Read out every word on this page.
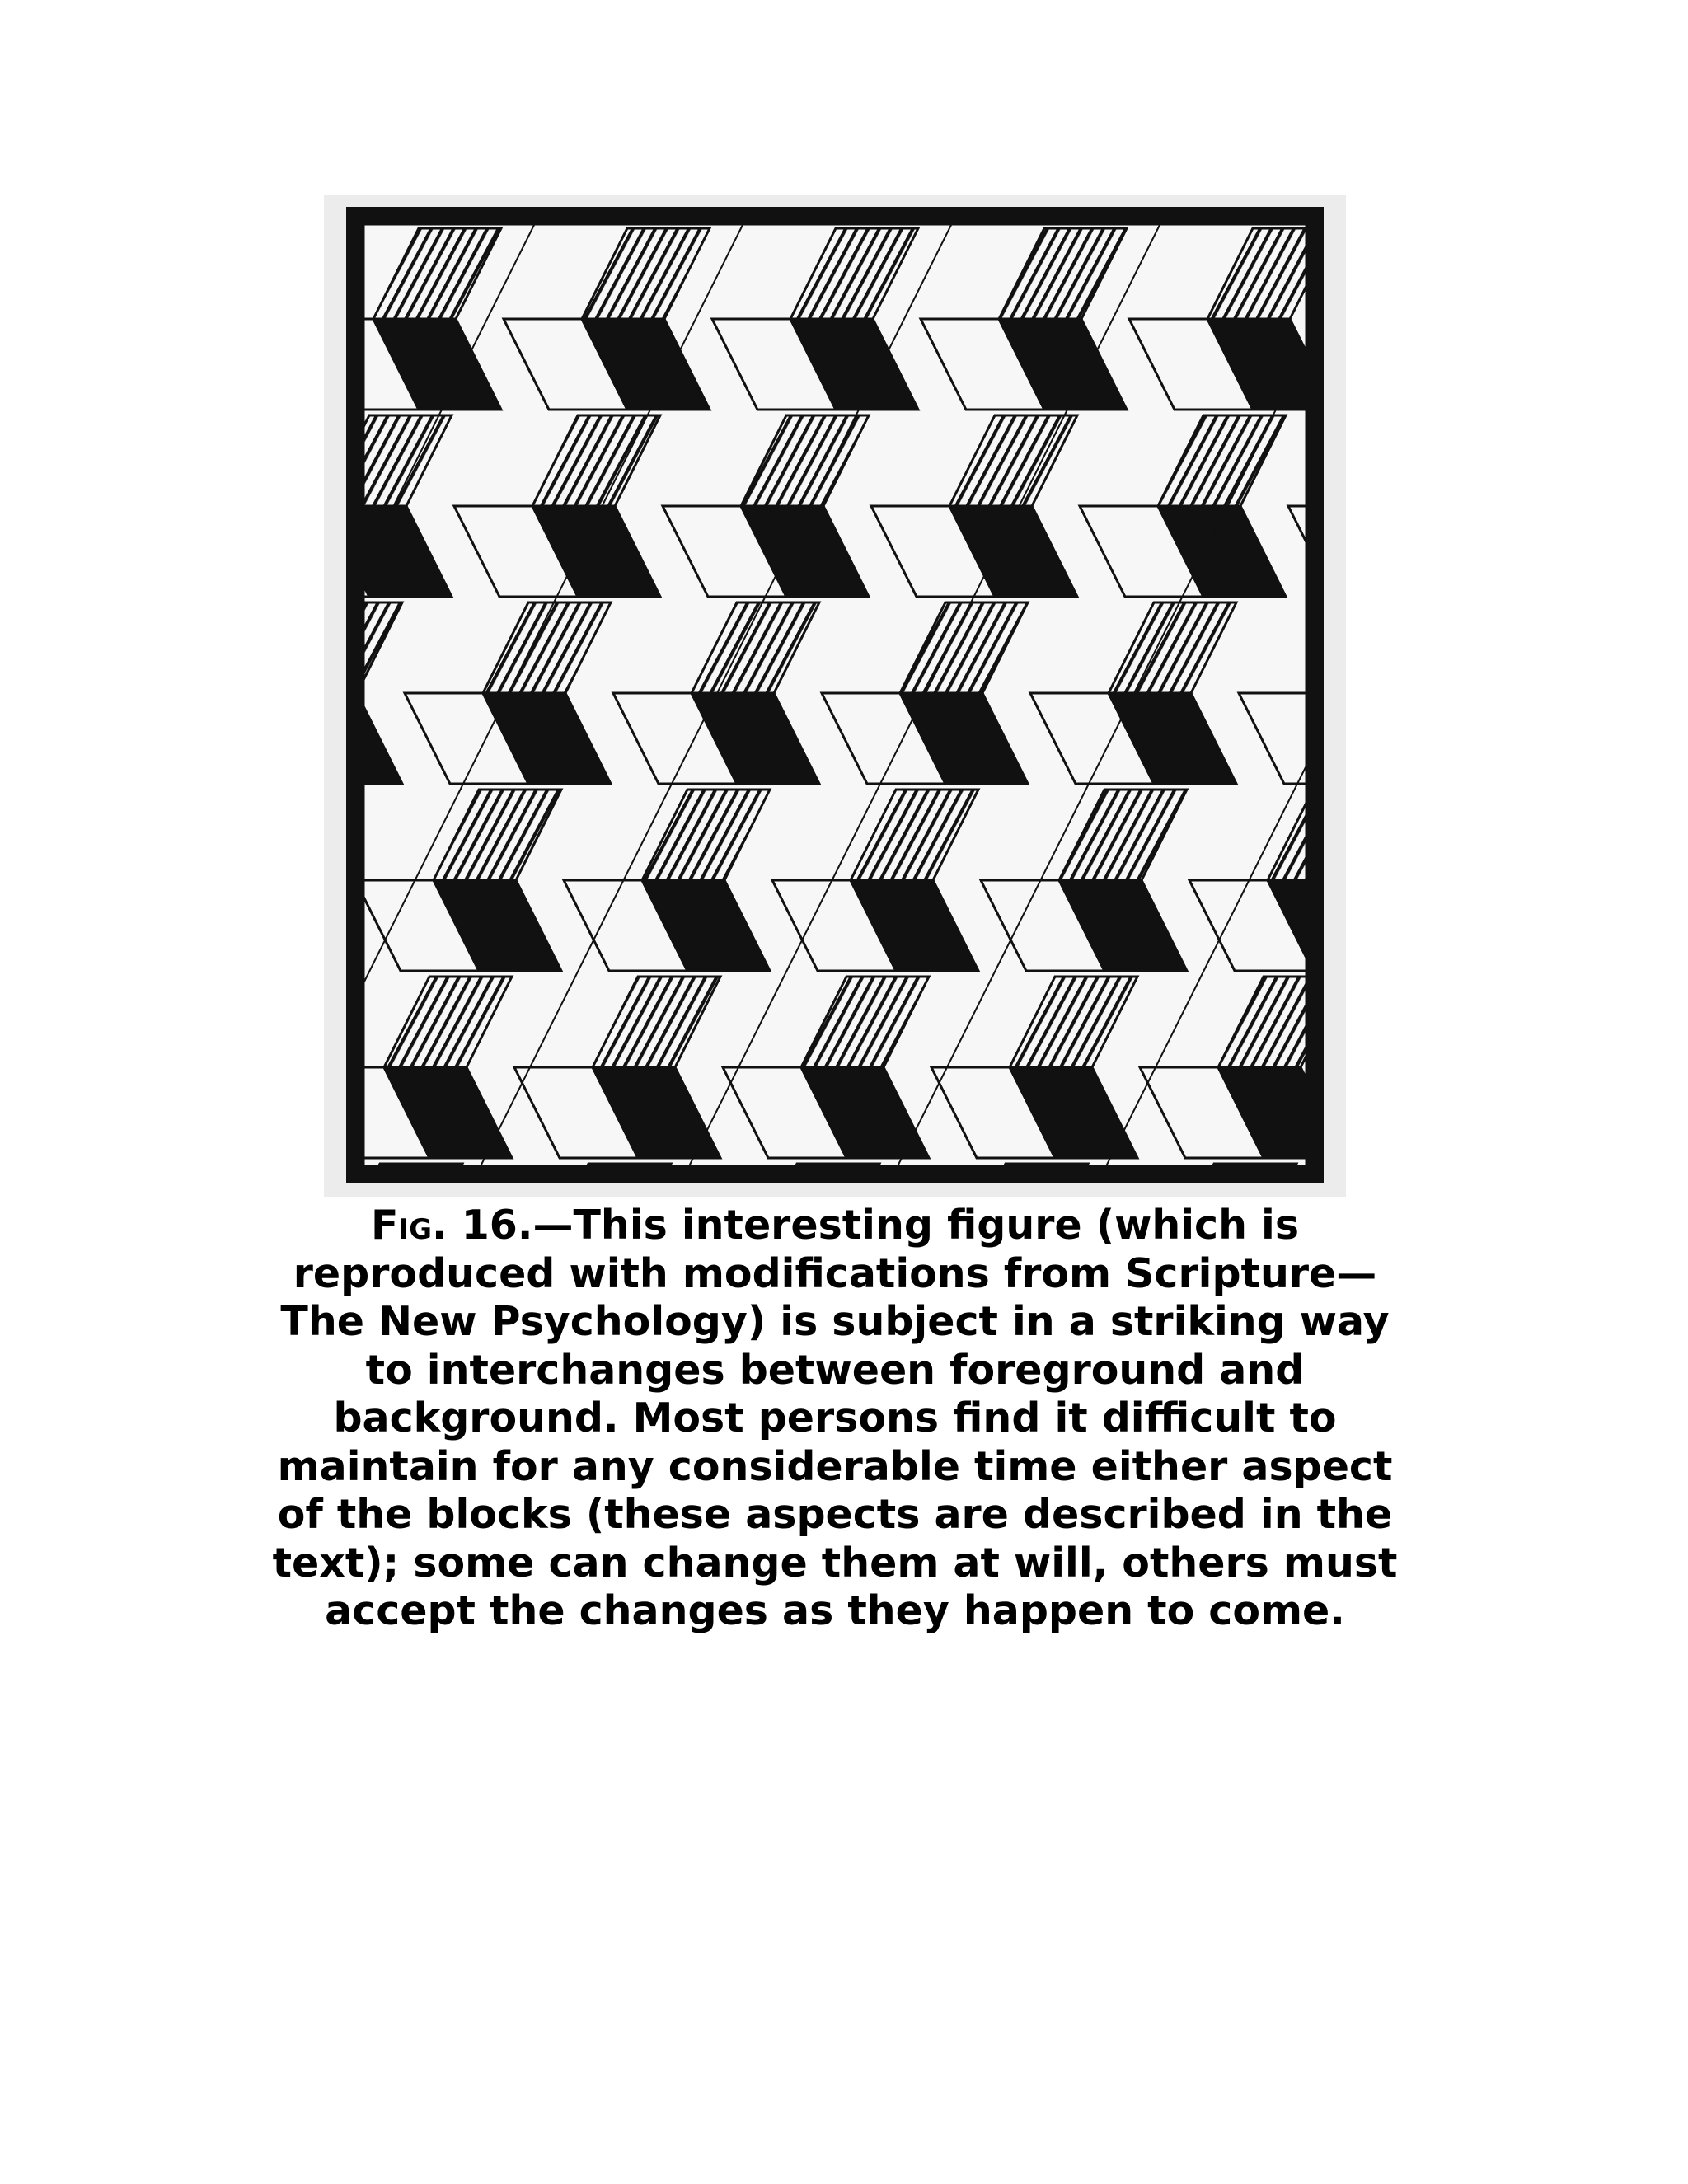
Fig. 16.—This interesting figure (which is
reproduced with modifications from Scripture—
The New Psychology) is subject in a striking way
to interchanges between foreground and
background. Most persons find it difficult to
maintain for any considerable time either aspect
of the blocks (these aspects are described in the
text); some can change them at will, others must
accept the changes as they happen to come.
